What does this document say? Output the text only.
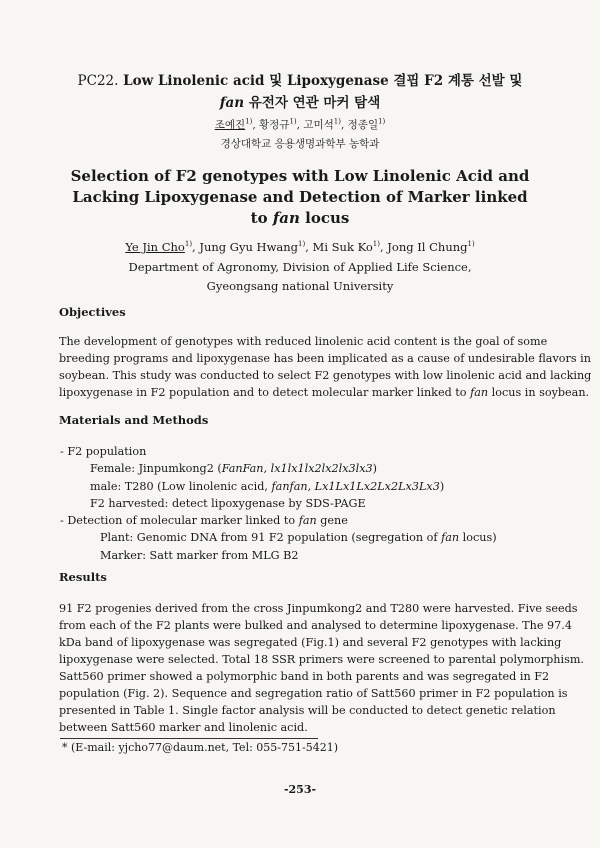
PC22. Low Linolenic acid 및 Lipoxygenase 결핍 F2 계통 선발 및
fan 유전자 연관 마커 탐색
조예진$^{1)}$, 황정규$^{1)}$, 고미석$^{1)}$, 정종일$^{1)}$
경상대학교 응용생명과학부 농학과
Selection of F2 genotypes with Low Linolenic Acid and
Lacking Lipoxygenase and Detection of Marker linked
to fan locus
Ye Jin Cho$^{1)}$, Jung Gyu Hwang$^{1)}$, Mi Suk Ko$^{1)}$, Jong Il Chung$^{1)}$
Department of Agronomy, Division of Applied Life Science,
Gyeongsang national University
Objectives
The development of genotypes with reduced linolenic acid content is the goal of some
breeding programs and lipoxygenase has been implicated as a cause of undesirable flavors in
soybean. This study was conducted to select F2 genotypes with low linolenic acid and lacking
lipoxygenase in F2 population and to detect molecular marker linked to fan locus in soybean.
Materials and Methods
- F2 population
Female: Jinpumkong2 (FanFan, lx1lx1lx2lx2lx3lx3)
male: T280 (Low linolenic acid, fanfan, Lx1Lx1Lx2Lx2Lx3Lx3)
F2 harvested: detect lipoxygenase by SDS-PAGE
- Detection of molecular marker linked to fan gene
Plant: Genomic DNA from 91 F2 population (segregation of fan locus)
Marker: Satt marker from MLG B2
Results
91 F2 progenies derived from the cross Jinpumkong2 and T280 were harvested. Five seeds
from each of the F2 plants were bulked and analysed to determine lipoxygenase. The 97.4
kDa band of lipoxygenase was segregated (Fig.1) and several F2 genotypes with lacking
lipoxygenase were selected. Total 18 SSR primers were screened to parental polymorphism.
Satt560 primer showed a polymorphic band in both parents and was segregated in F2
population (Fig. 2). Sequence and segregation ratio of Satt560 primer in F2 population is
presented in Table 1. Single factor analysis will be conducted to detect genetic relation
between Satt560 marker and linolenic acid.
* (E-mail: yjcho77@daum.net, Tel: 055-751-5421)
-253-
